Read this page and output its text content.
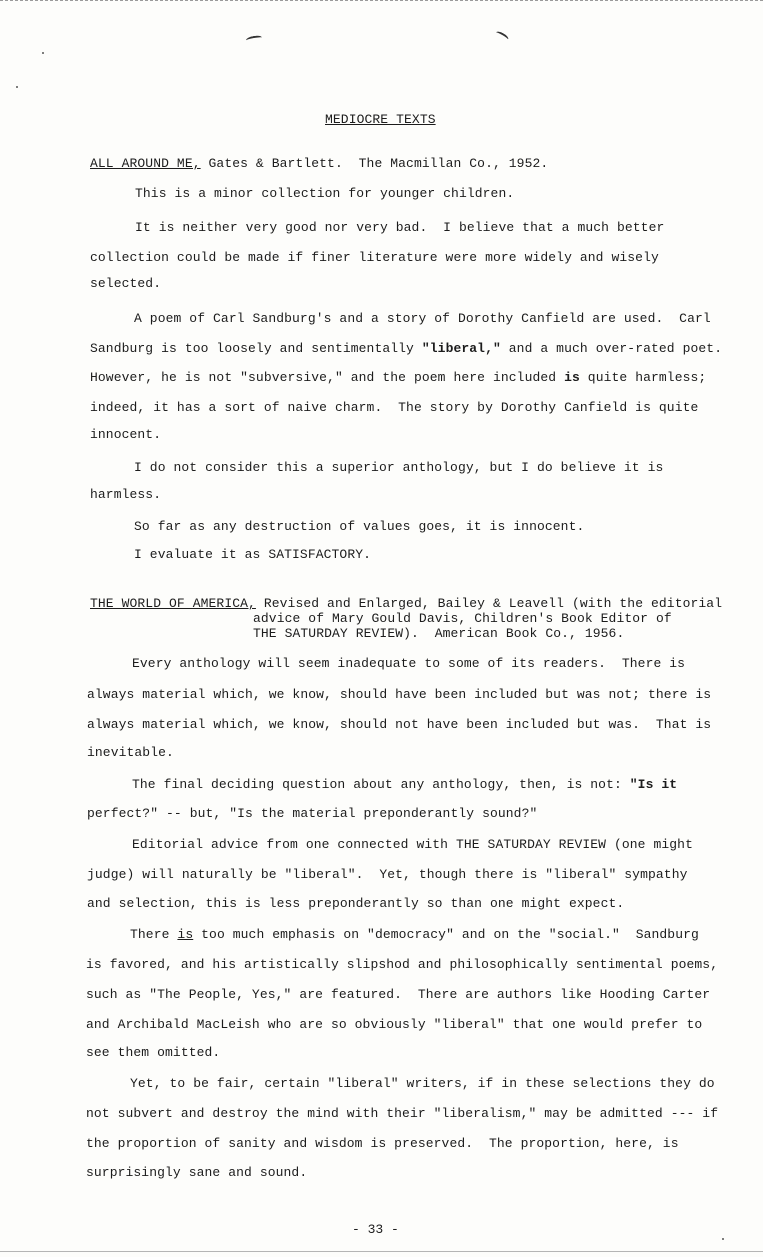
MEDIOCRE TEXTS
ALL AROUND ME, Gates & Bartlett.  The Macmillan Co., 1952.
This is a minor collection for younger children.
It is neither very good nor very bad.  I believe that a much better
collection could be made if finer literature were more widely and wisely
selected.
A poem of Carl Sandburg's and a story of Dorothy Canfield are used.  Carl
Sandburg is too loosely and sentimentally "liberal," and a much over-rated poet.
However, he is not "subversive," and the poem here included is quite harmless;
indeed, it has a sort of naive charm.  The story by Dorothy Canfield is quite
innocent.
I do not consider this a superior anthology, but I do believe it is
harmless.
So far as any destruction of values goes, it is innocent.
I evaluate it as SATISFACTORY.
THE WORLD OF AMERICA, Revised and Enlarged, Bailey & Leavell (with the editorial
advice of Mary Gould Davis, Children's Book Editor of
THE SATURDAY REVIEW).  American Book Co., 1956.
Every anthology will seem inadequate to some of its readers.  There is
always material which, we know, should have been included but was not; there is
always material which, we know, should not have been included but was.  That is
inevitable.
The final deciding question about any anthology, then, is not: "Is it
perfect?" -- but, "Is the material preponderantly sound?"
Editorial advice from one connected with THE SATURDAY REVIEW (one might
judge) will naturally be "liberal".  Yet, though there is "liberal" sympathy
and selection, this is less preponderantly so than one might expect.
There is too much emphasis on "democracy" and on the "social."  Sandburg
is favored, and his artistically slipshod and philosophically sentimental poems,
such as "The People, Yes," are featured.  There are authors like Hooding Carter
and Archibald MacLeish who are so obviously "liberal" that one would prefer to
see them omitted.
Yet, to be fair, certain "liberal" writers, if in these selections they do
not subvert and destroy the mind with their "liberalism," may be admitted --- if
the proportion of sanity and wisdom is preserved.  The proportion, here, is
surprisingly sane and sound.
- 33 -
